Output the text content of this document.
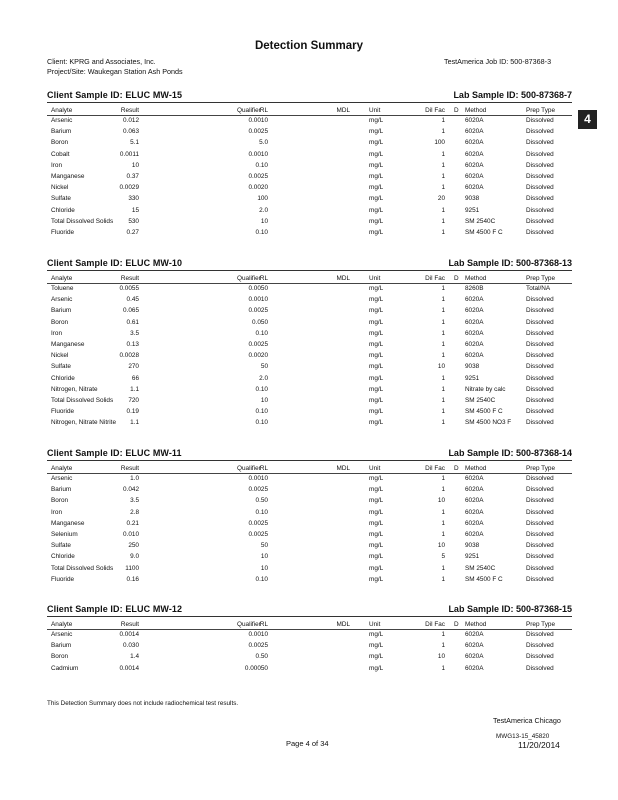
Detection Summary
Client: KPRG and Associates, Inc.
Project/Site: Waukegan Station Ash Ponds
TestAmerica Job ID: 500-87368-3
4
Client Sample ID: ELUC MW-15	Lab Sample ID: 500-87368-7
Analyte	Result	Qualifier RL	MDL	Unit	Dil Fac D Method	Prep Type
Arsenic	0.012	0.0010	mg/L	1	6020A	Dissolved
Barium	0.063	0.0025	mg/L	1	6020A	Dissolved
Boron	5.1	5.0	mg/L	100	6020A	Dissolved
Cobalt	0.0011	0.0010	mg/L	1	6020A	Dissolved
Iron	10	0.10	mg/L	1	6020A	Dissolved
Manganese	0.37	0.0025	mg/L	1	6020A	Dissolved
Nickel	0.0029	0.0020	mg/L	1	6020A	Dissolved
Sulfate	330	100	mg/L	20	9038	Dissolved
Chloride	15	2.0	mg/L	1	9251	Dissolved
Total Dissolved Solids 530	10	mg/L	1	SM 2540C	Dissolved
Fluoride	0.27	0.10	mg/L	1	SM 4500 F C	Dissolved
Client Sample ID: ELUC MW-10	Lab Sample ID: 500-87368-13
Analyte	Result	Qualifier RL	MDL	Unit	Dil Fac D Method	Prep Type
Toluene	0.0055	0.0050	mg/L	1	8260B	Total/NA
Arsenic	0.45	0.0010	mg/L	1	6020A	Dissolved
Barium	0.065	0.0025	mg/L	1	6020A	Dissolved
Boron	0.61	0.050	mg/L	1	6020A	Dissolved
Iron	3.5	0.10	mg/L	1	6020A	Dissolved
Manganese	0.13	0.0025	mg/L	1	6020A	Dissolved
Nickel	0.0028	0.0020	mg/L	1	6020A	Dissolved
Sulfate	270	50	mg/L	10	9038	Dissolved
Chloride	66	2.0	mg/L	1	9251	Dissolved
Nitrogen, Nitrate	1.1	0.10	mg/L	1	Nitrate by calc	Dissolved
Total Dissolved Solids 720	10	mg/L	1	SM 2540C	Dissolved
Fluoride	0.19	0.10	mg/L	1	SM 4500 F C	Dissolved
Nitrogen, Nitrate Nitrite 1.1	0.10	mg/L	1	SM 4500 NO3 F Dissolved
Client Sample ID: ELUC MW-11	Lab Sample ID: 500-87368-14
Analyte	Result	Qualifier RL	MDL	Unit	Dil Fac D Method	Prep Type
Arsenic	1.0	0.0010	mg/L	1	6020A	Dissolved
Barium	0.042	0.0025	mg/L	1	6020A	Dissolved
Boron	3.5	0.50	mg/L	10	6020A	Dissolved
Iron	2.8	0.10	mg/L	1	6020A	Dissolved
Manganese	0.21	0.0025	mg/L	1	6020A	Dissolved
Selenium	0.010	0.0025	mg/L	1	6020A	Dissolved
Sulfate	250	50	mg/L	10	9038	Dissolved
Chloride	9.0	10	mg/L	5	9251	Dissolved
Total Dissolved Solids 1100	10	mg/L	1	SM 2540C	Dissolved
Fluoride	0.16	0.10	mg/L	1	SM 4500 F C	Dissolved
Client Sample ID: ELUC MW-12	Lab Sample ID: 500-87368-15
Analyte	Result	Qualifier RL	MDL	Unit	Dil Fac D Method	Prep Type
Arsenic	0.0014	0.0010	mg/L	1	6020A	Dissolved
Barium	0.030	0.0025	mg/L	1	6020A	Dissolved
Boron	1.4	0.50	mg/L	10	6020A	Dissolved
Cadmium	0.0014	0.00050	mg/L	1	6020A	Dissolved
This Detection Summary does not include radiochemical test results.
TestAmerica Chicago
MWG13-15_45820
Page 4 of 34	11/20/2014
